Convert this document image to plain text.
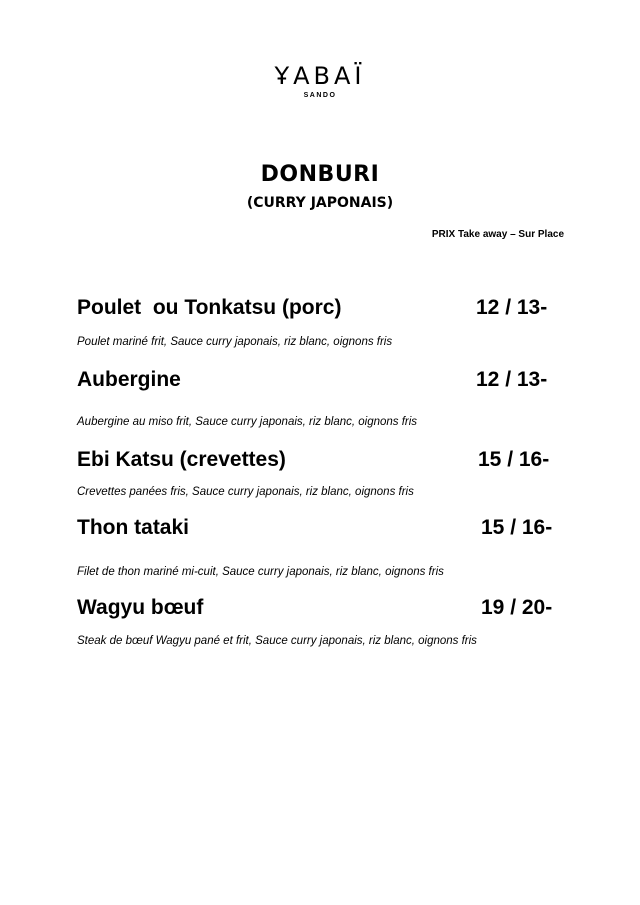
ҰABAЇ
SANDO
DONBURI
(CURRY JAPONAIS)
PRIX Take away – Sur Place
Poulet  ou Tonkatsu (porc)	12 / 13-
Poulet mariné frit, Sauce curry japonais, riz blanc, oignons fris
Aubergine	12 / 13-
Aubergine au miso frit, Sauce curry japonais, riz blanc, oignons fris
Ebi Katsu (crevettes)	15 / 16-
Crevettes panées fris, Sauce curry japonais, riz blanc, oignons fris
Thon tataki	15 / 16-
Filet de thon mariné mi-cuit, Sauce curry japonais, riz blanc, oignons fris
Wagyu bœuf	19 / 20-
Steak de bœuf Wagyu pané et frit, Sauce curry japonais, riz blanc, oignons fris
